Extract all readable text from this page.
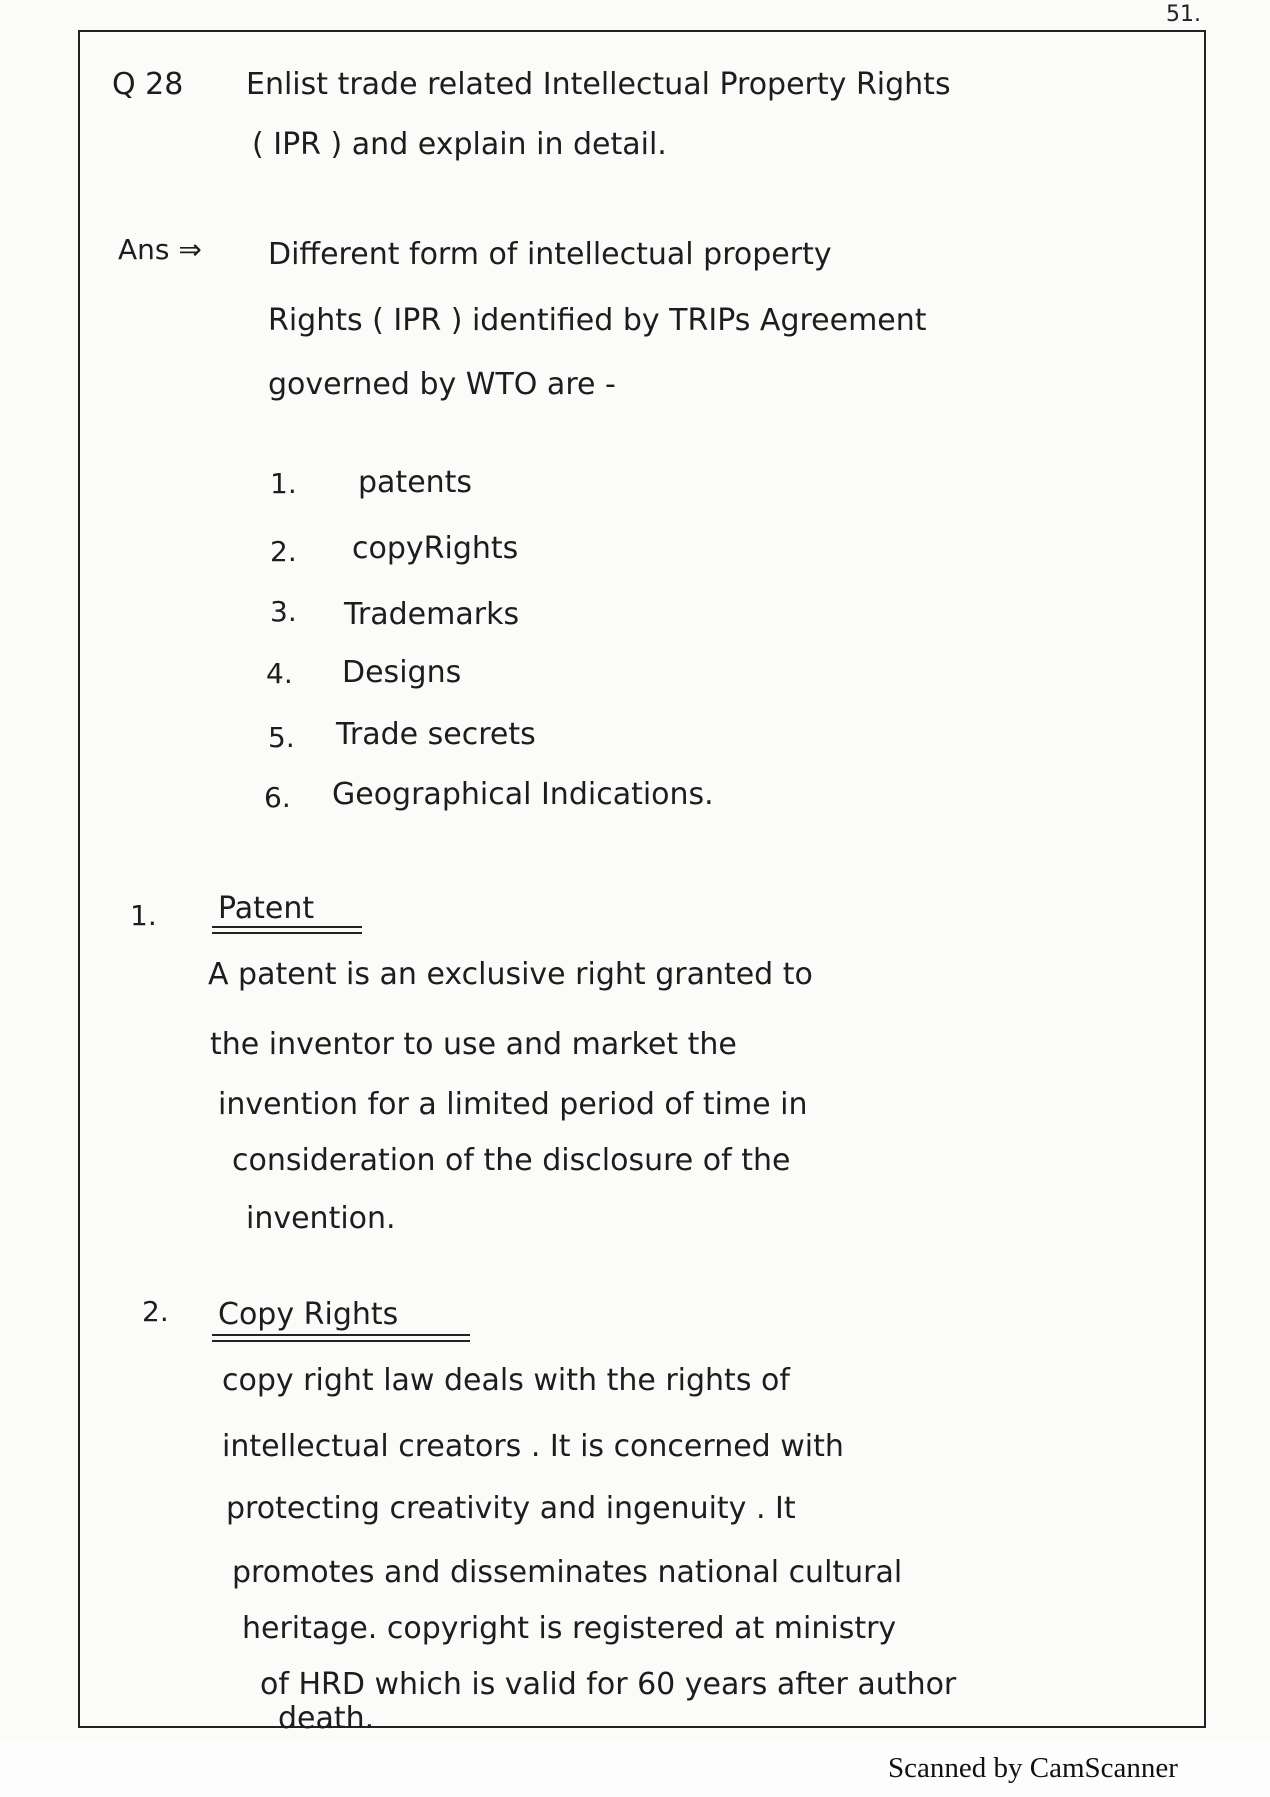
51.
Q 28 Enlist trade related Intellectual Property Rights
( IPR ) and explain in detail.
Ans ⇒ Different form of intellectual property
Rights ( IPR ) identified by TRIPs Agreement
governed by WTO are -
1. patents
2. copyRights
3. Trademarks
4. Designs
5. Trade secrets
6. Geographical Indications.
1. Patent
A patent is an exclusive right granted to
the inventor to use and market the
invention for a limited period of time in
consideration of the disclosure of the
invention.
2. Copy Rights
copy right law deals with the rights of
intellectual creators . It is concerned with
protecting creativity and ingenuity . It
promotes and disseminates national cultural
heritage. copyright is registered at ministry
of HRD which is valid for 60 years after author
death.
Scanned by CamScanner
